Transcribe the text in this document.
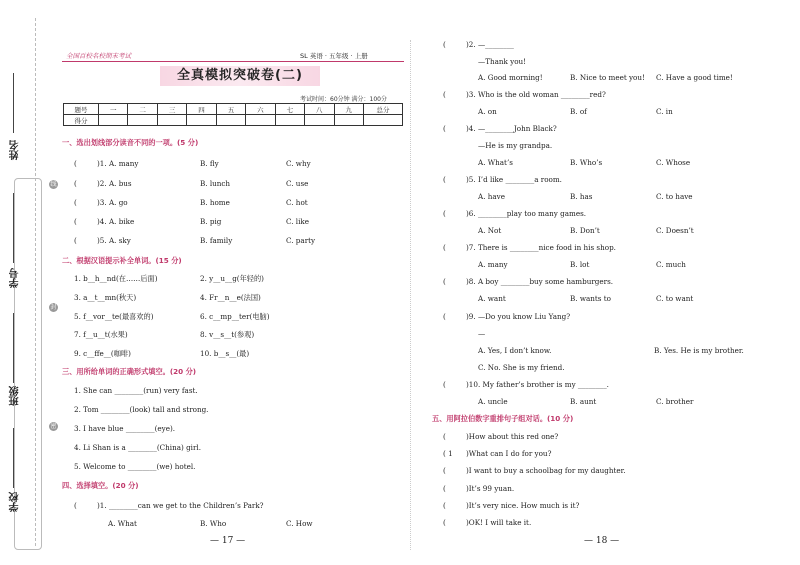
姓名
学号
班级
学校
线
封
密
全国百校名校期末考试	SL 英语 · 五年级 · 上册
全真模拟突破卷(二)
考试时间：60分钟 满分：100分
题号	一	二	三	四	五	六	七	八	九	总分
得分										
一、选出划线部分读音不同的一项。(5 分)
(	)1. A. many	B. fly	C. why
(	)2. A. bus	B. lunch	C. use
(	)3. A. go	B. home	C. hot
(	)4. A. bike	B. pig	C. like
(	)5. A. sky	B. family	C. party
二、根据汉语提示补全单词。(15 分)
1. b__h__nd(在……后面)	2. y__u__g(年轻的)
3. a__t__mn(秋天)	4. Fr__n__e(法国)
5. f__vor__te(最喜欢的)	6. c__mp__ter(电脑)
7. f__u__t(水果)	8. v__s__t(参观)
9. c__ffe__(咖啡)	10. b__s__(最)
三、用所给单词的正确形式填空。(20 分)
1. She can ________(run) very fast.
2. Tom ________(look) tall and strong.
3. I have blue ________(eye).
4. Li Shan is a ________(China) girl.
5. Welcome to ________(we) hotel.
四、选择填空。(20 分)
(	)1. ________can we get to the Children’s Park?
A. What	B. Who	C. How
— 17 —
(	)2. —________
—Thank you!
A. Good morning!	B. Nice to meet you! C. Have a good time!
(	)3. Who is the old woman ________red?
A. on	B. of	C. in
(	)4. —________John Black?
—He is my grandpa.
A. What’s	B. Who’s	C. Whose
(	)5. I’d like ________a room.
A. have	B. has	C. to have
(	)6. ________play too many games.
A. Not	B. Don’t	C. Doesn’t
(	)7. There is ________nice food in his shop.
A. many	B. lot	C. much
(	)8. A boy ________buy some hamburgers.
A. want	B. wants to	C. to want
(	)9. —Do you know Liu Yang?
—
A. Yes, I don’t know.	B. Yes. He is my brother.
C. No. She is my friend.
(	)10. My father’s brother is my ________.
A. uncle	B. aunt	C. brother
五、用阿拉伯数字重排句子组对话。(10 分)
(	)How about this red one?
( 1 )What can I do for you?
(	)I want to buy a schoolbag for my daughter.
(	)It’s 99 yuan.
(	)It’s very nice. How much is it?
(	)OK! I will take it.
— 18 —
